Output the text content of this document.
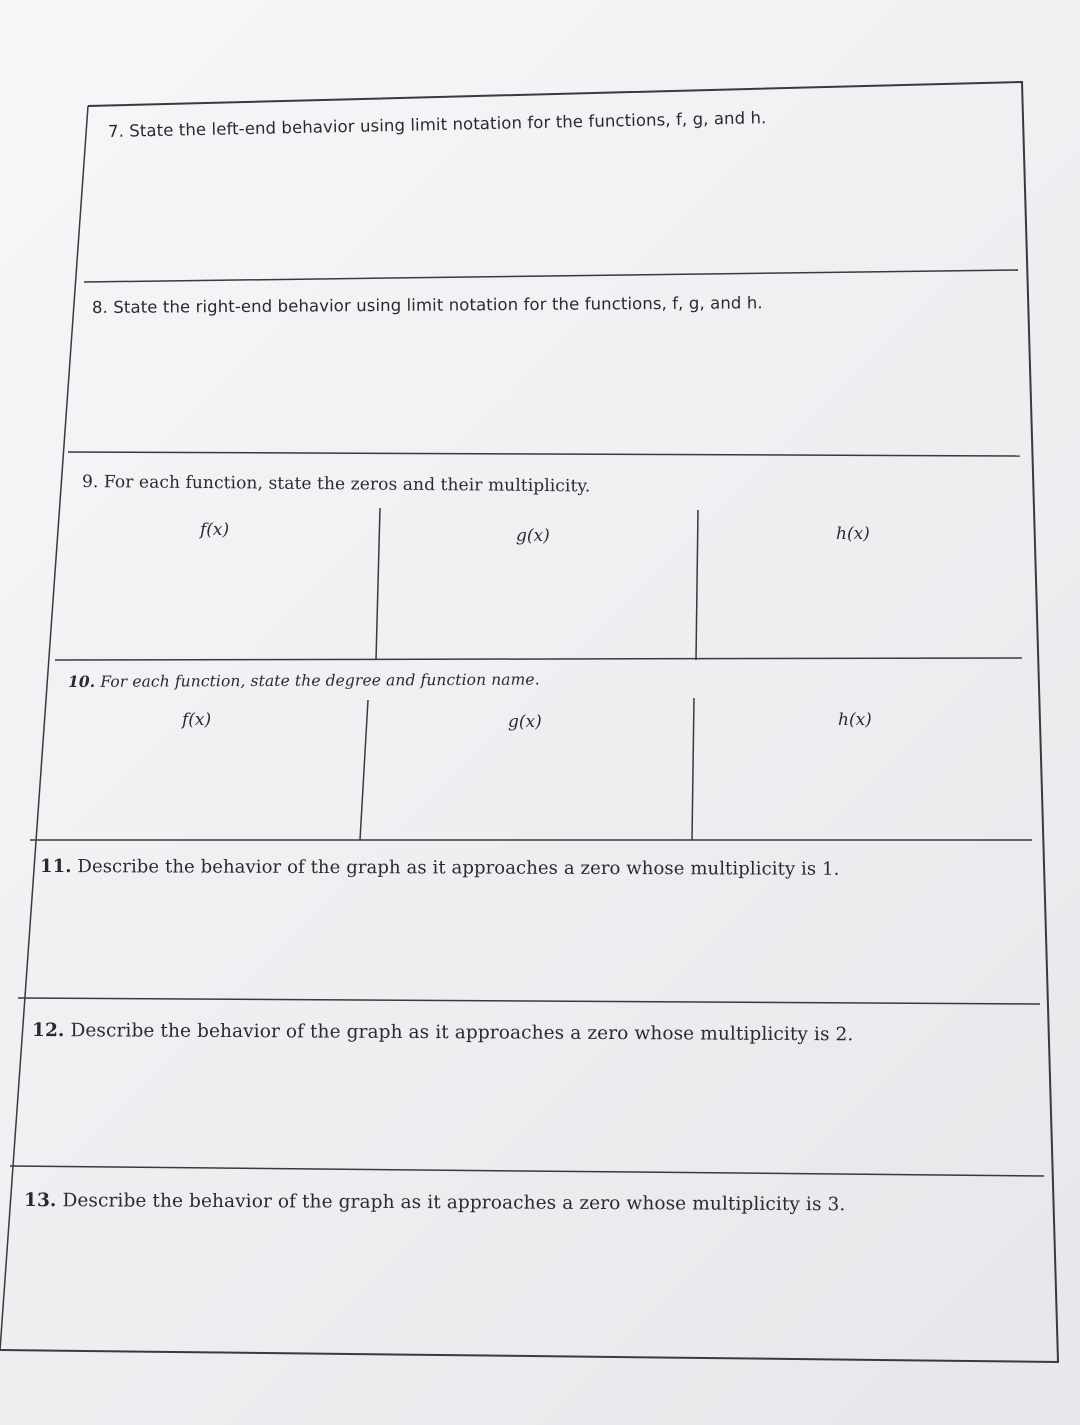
7. State the left-end behavior using limit notation for the functions, f, g, and h.
8. State the right-end behavior using limit notation for the functions, f, g, and h.
9. For each function, state the zeros and their multiplicity.
f(x)	g(x)	h(x)
10. For each function, state the degree and function name.
f(x)	g(x)	h(x)
11. Describe the behavior of the graph as it approaches a zero whose multiplicity is 1.
12. Describe the behavior of the graph as it approaches a zero whose multiplicity is 2.
13. Describe the behavior of the graph as it approaches a zero whose multiplicity is 3.
